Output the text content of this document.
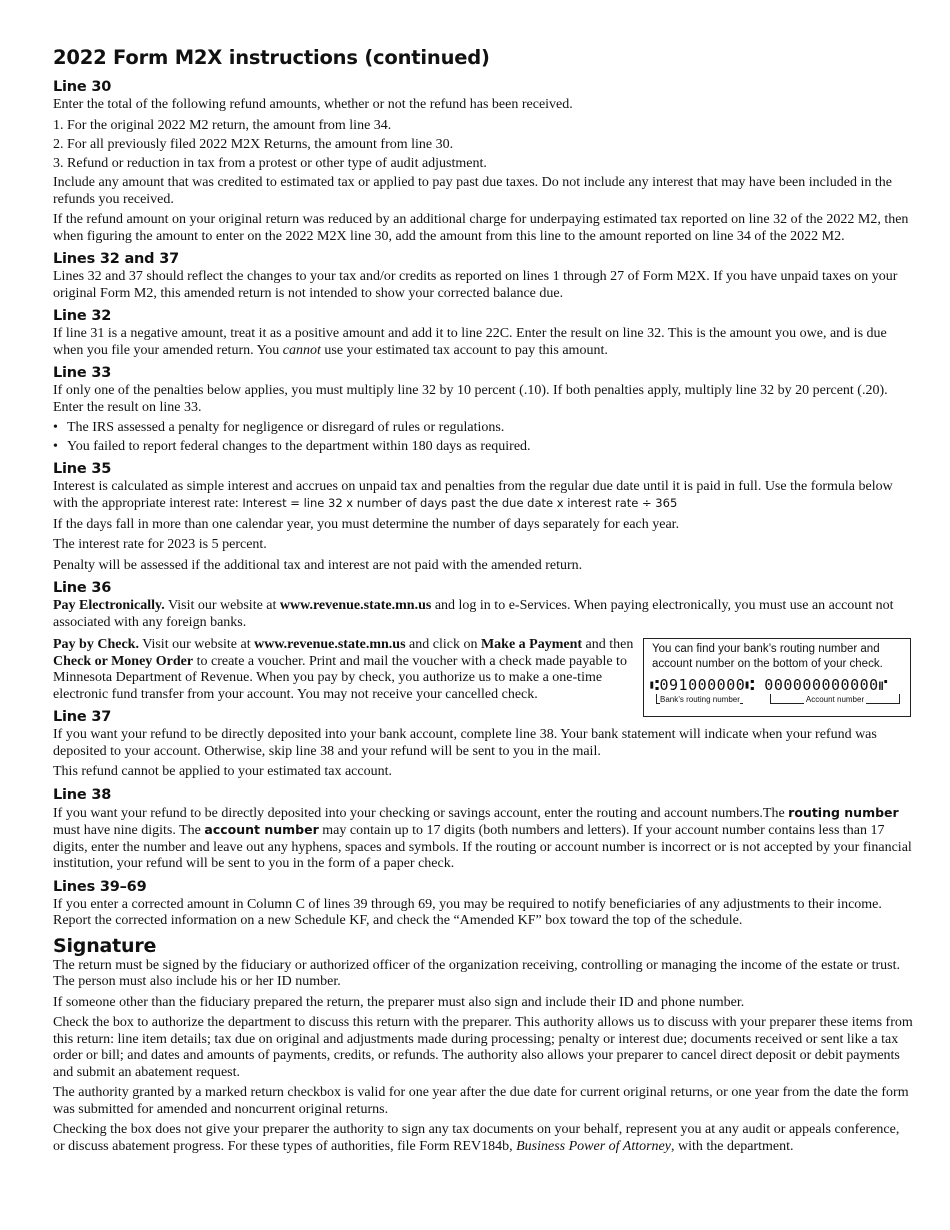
2022 Form M2X instructions (continued)
Line 30

Enter the total of the following refund amounts, whether or not the refund has been received.

1. For the original 2022 M2 return, the amount from line 34.
2. For all previously filed 2022 M2X Returns, the amount from line 30.
3. Refund or reduction in tax from a protest or other type of audit adjustment.

Include any amount that was credited to estimated tax or applied to pay past due taxes. Do not include any interest that may have been included in the refunds you received.

If the refund amount on your original return was reduced by an additional charge for underpaying estimated tax reported on line 32 of the 2022 M2, then when figuring the amount to enter on the 2022 M2X line 30, add the amount from this line to the amount reported on line 34 of the 2022 M2.

Lines 32 and 37

Lines 32 and 37 should reflect the changes to your tax and/or credits as reported on lines 1 through 27 of Form M2X. If you have unpaid taxes on your original Form M2, this amended return is not intended to show your corrected balance due.

Line 32

If line 31 is a negative amount, treat it as a positive amount and add it to line 22C. Enter the result on line 32. This is the amount you owe, and is due when you file your amended return. You cannot use your estimated tax account to pay this amount.

Line 33

If only one of the penalties below applies, you must multiply line 32 by 10 percent (.10). If both penalties apply, multiply line 32 by 20 percent (.20). Enter the result on line 33.

• The IRS assessed a penalty for negligence or disregard of rules or regulations.
• You failed to report federal changes to the department within 180 days as required.
Line 35

Interest is calculated as simple interest and accrues on unpaid tax and penalties from the regular due date until it is paid in full. Use the formula below with the appropriate interest rate: Interest = line 32 x number of days past the due date x interest rate ÷ 365

If the days fall in more than one calendar year, you must determine the number of days separately for each year.

The interest rate for 2023 is 5 percent.

Penalty will be assessed if the additional tax and interest are not paid with the amended return.

Line 36

Pay Electronically. Visit our website at www.revenue.state.mn.us and log in to e-Services. When paying electronically, you must use an account not associated with any foreign banks.

Pay by Check. Visit our website at www.revenue.state.mn.us and click on Make a Payment and then Check or Money Order to create a voucher. Print and mail the voucher with a check made payable to Minnesota Department of Revenue. When you pay by check, you authorize us to make a one-time electronic fund transfer from your account. You may not receive your cancelled check.

You can find your bank’s routing number and account number on the bottom of your check.
⑆091000000⑆ 000000000000⑈
Bank’s routing number	Account number
Line 37

If you want your refund to be directly deposited into your bank account, complete line 38. Your bank statement will indicate when your refund was deposited to your account. Otherwise, skip line 38 and your refund will be sent to you in the mail.

This refund cannot be applied to your estimated tax account.

Line 38

If you want your refund to be directly deposited into your checking or savings account, enter the routing and account numbers.The routing number must have nine digits. The account number may contain up to 17 digits (both numbers and letters). If your account number contains less than 17 digits, enter the number and leave out any hyphens, spaces and symbols. If the routing or account number is incorrect or is not accepted by your financial institution, your refund will be sent to you in the form of a paper check.

Lines 39–69

If you enter a corrected amount in Column C of lines 39 through 69, you may be required to notify beneficiaries of any adjustments to their income. Report the corrected information on a new Schedule KF, and check the “Amended KF” box toward the top of the schedule.

Signature

The return must be signed by the fiduciary or authorized officer of the organization receiving, controlling or managing the income of the estate or trust. The person must also include his or her ID number.

If someone other than the fiduciary prepared the return, the preparer must also sign and include their ID and phone number.

Check the box to authorize the department to discuss this return with the preparer. This authority allows us to discuss with your preparer these items from this return: line item details; tax due on original and adjustments made during processing; penalty or interest due; documents received or sent like a tax order or bill; and dates and amounts of payments, credits, or refunds. The authority also allows your preparer to cancel direct deposit or debit payments and submit an abatement request.

The authority granted by a marked return checkbox is valid for one year after the due date for current original returns, or one year from the date the form was submitted for amended and noncurrent original returns.

Checking the box does not give your preparer the authority to sign any tax documents on your behalf, represent you at any audit or appeals conference, or discuss abatement progress. For these types of authorities, file Form REV184b, Business Power of Attorney, with the department.
